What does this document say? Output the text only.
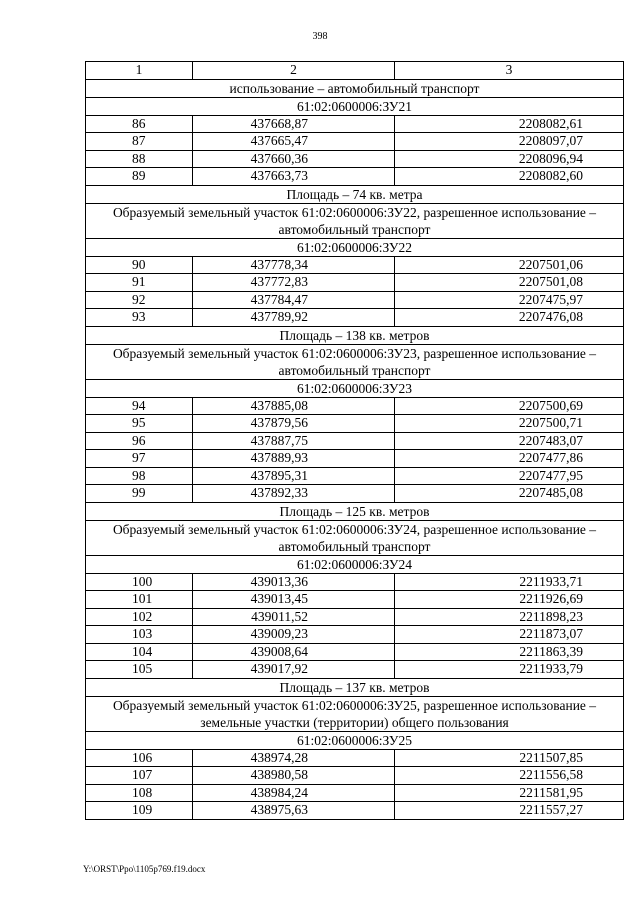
398
1	2	3
использование – автомобильный транспорт		
61:02:0600006:ЗУ21		
86	437668,87	2208082,61
87	437665,47	2208097,07
88	437660,36	2208096,94
89	437663,73	2208082,60
Площадь – 74 кв. метра		
Образуемый земельный участок 61:02:0600006:ЗУ22, разрешенное использование – автомобильный транспорт		
61:02:0600006:ЗУ22		
90	437778,34	2207501,06
91	437772,83	2207501,08
92	437784,47	2207475,97
93	437789,92	2207476,08
Площадь – 138 кв. метров		
Образуемый земельный участок 61:02:0600006:ЗУ23, разрешенное использование – автомобильный транспорт		
61:02:0600006:ЗУ23		
94	437885,08	2207500,69
95	437879,56	2207500,71
96	437887,75	2207483,07
97	437889,93	2207477,86
98	437895,31	2207477,95
99	437892,33	2207485,08
Площадь – 125 кв. метров		
Образуемый земельный участок 61:02:0600006:ЗУ24, разрешенное использование – автомобильный транспорт		
61:02:0600006:ЗУ24		
100	439013,36	2211933,71
101	439013,45	2211926,69
102	439011,52	2211898,23
103	439009,23	2211873,07
104	439008,64	2211863,39
105	439017,92	2211933,79
Площадь – 137 кв. метров		
Образуемый земельный участок 61:02:0600006:ЗУ25, разрешенное использование – земельные участки (территории) общего пользования		
61:02:0600006:ЗУ25		
106	438974,28	2211507,85
107	438980,58	2211556,58
108	438984,24	2211581,95
109	438975,63	2211557,27
Y:\ORST\Ppo\1105p769.f19.docx
